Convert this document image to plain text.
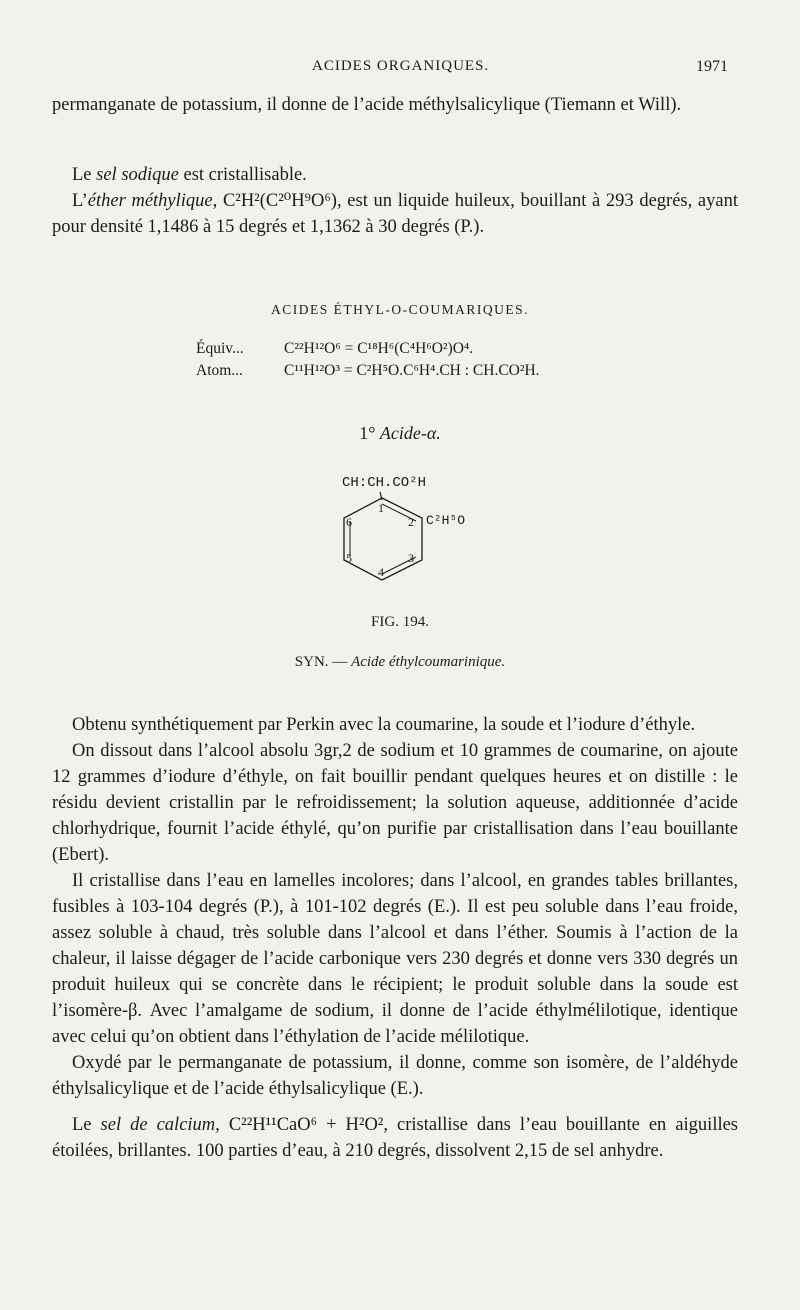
ACIDES ORGANIQUES.	1971
permanganate de potassium, il donne de l’acide méthylsalicylique (Tiemann et Will).
Le sel sodique est cristallisable.
L’éther méthylique, C²H²(C²⁰H⁹O⁶), est un liquide huileux, bouillant à 293 degrés, ayant pour densité 1,1486 à 15 degrés et 1,1362 à 30 degrés (P.).
ACIDES ÉTHYL-O-COUMARIQUES.
Équiv...	C²²H¹²O⁶ = C¹⁸H⁶(C⁴H⁶O²)O⁴.
Atom...	C¹¹H¹²O³ = C²H⁵O.C⁶H⁴.CH : CH.CO²H.
1° Acide-α.
CH:CH.CO²H
1
2
3
4
5
6	C²H⁵O
FIG. 194.
SYN. — Acide éthylcoumarinique.

Obtenu synthétiquement par Perkin avec la coumarine, la soude et l’iodure d’éthyle.

On dissout dans l’alcool absolu 3gr,2 de sodium et 10 grammes de coumarine, on ajoute 12 grammes d’iodure d’éthyle, on fait bouillir pendant quelques heures et on distille : le résidu devient cristallin par le refroidissement; la solution aqueuse, additionnée d’acide chlorhydrique, fournit l’acide éthylé, qu’on purifie par cristallisation dans l’eau bouillante (Ebert).

Il cristallise dans l’eau en lamelles incolores; dans l’alcool, en grandes tables brillantes, fusibles à 103-104 degrés (P.), à 101-102 degrés (E.). Il est peu soluble dans l’eau froide, assez soluble à chaud, très soluble dans l’alcool et dans l’éther. Soumis à l’action de la chaleur, il laisse dégager de l’acide carbonique vers 230 degrés et donne vers 330 degrés un produit huileux qui se concrète dans le récipient; le produit soluble dans la soude est l’isomère-β. Avec l’amalgame de sodium, il donne de l’acide éthylmélilotique, identique avec celui qu’on obtient dans l’éthylation de l’acide mélilotique.

Oxydé par le permanganate de potassium, il donne, comme son isomère, de l’aldéhyde éthylsalicylique et de l’acide éthylsalicylique (E.).

Le sel de calcium, C²²H¹¹CaO⁶ + H²O², cristallise dans l’eau bouillante en aiguilles étoilées, brillantes. 100 parties d’eau, à 210 degrés, dissolvent 2,15 de sel anhydre.
